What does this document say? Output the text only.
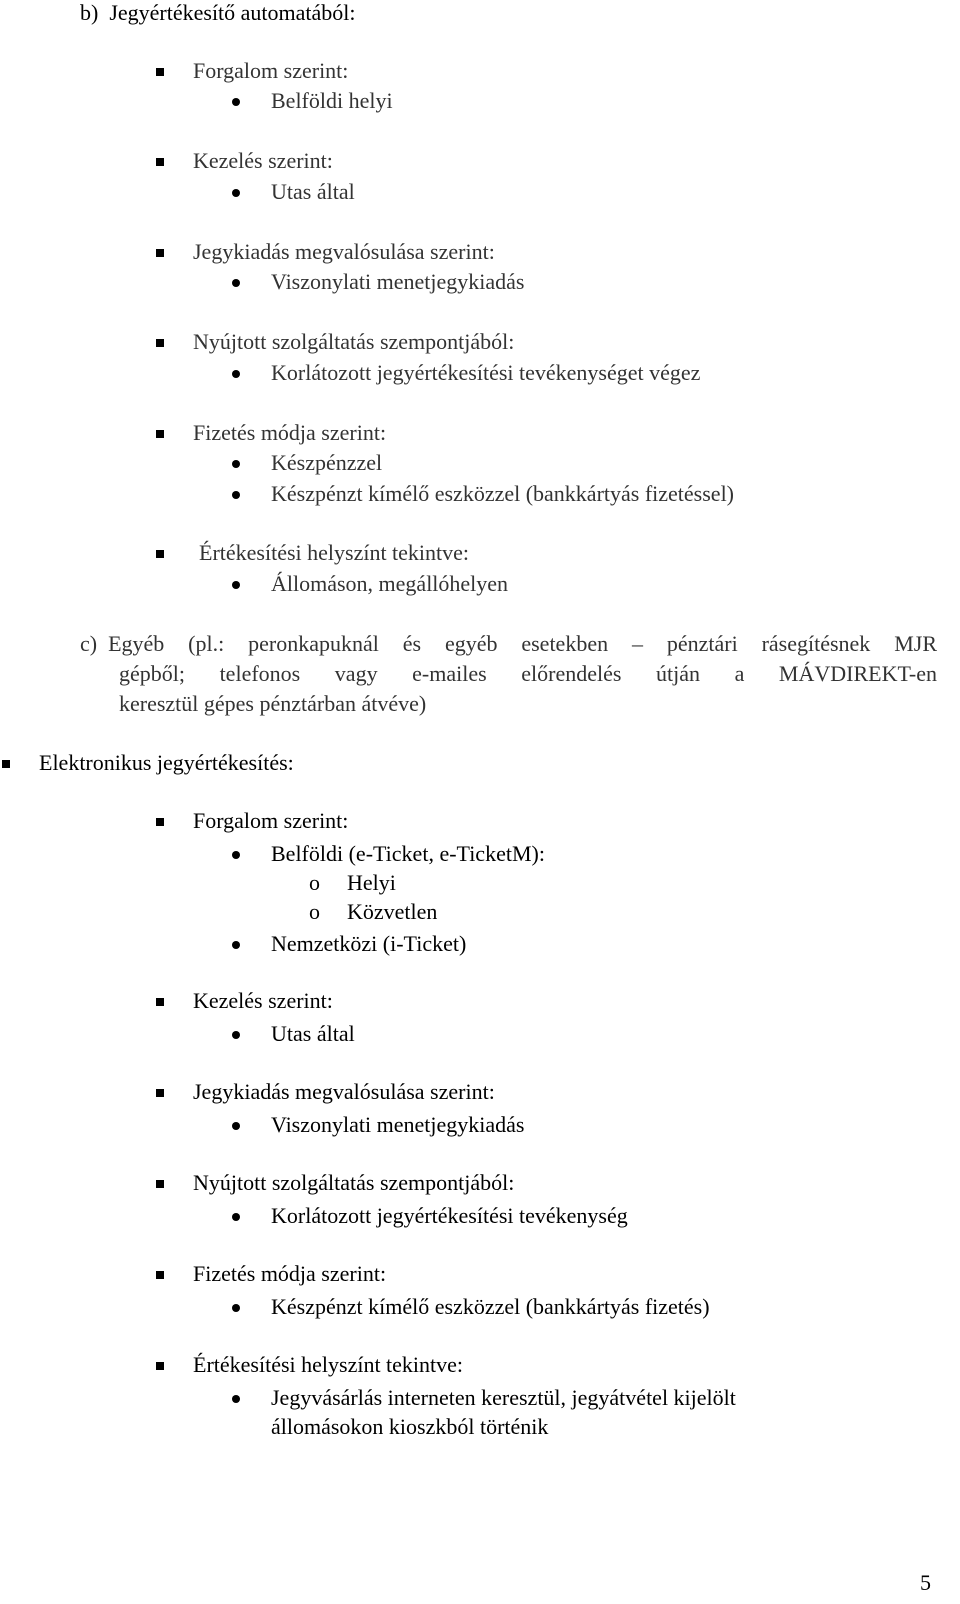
b) Jegyértékesítő automatából:
Forgalom szerint:
Belföldi helyi
Kezelés szerint:
Utas által
Jegykiadás megvalósulása szerint:
Viszonylati menetjegykiadás
Nyújtott szolgáltatás szempontjából:
Korlátozott jegyértékesítési tevékenységet végez
Fizetés módja szerint:
Készpénzzel
Készpénzt kímélő eszközzel (bankkártyás fizetéssel)
Értékesítési helyszínt tekintve:
Állomáson, megállóhelyen
c) Egyéb (pl.: peronkapuknál és egyéb esetekben – pénztári rásegítésnek MJR
gépből; telefonos vagy e-mailes előrendelés útján a MÁVDIREKT-en
keresztül gépes pénztárban átvéve)
Elektronikus jegyértékesítés:
Forgalom szerint:
Belföldi (e-Ticket, e-TicketM):
o Helyi
o Közvetlen
Nemzetközi (i-Ticket)
Kezelés szerint:
Utas által
Jegykiadás megvalósulása szerint:
Viszonylati menetjegykiadás
Nyújtott szolgáltatás szempontjából:
Korlátozott jegyértékesítési tevékenység
Fizetés módja szerint:
Készpénzt kímélő eszközzel (bankkártyás fizetés)
Értékesítési helyszínt tekintve:
Jegyvásárlás interneten keresztül, jegyátvétel kijelölt
állomásokon kioszkból történik
5
